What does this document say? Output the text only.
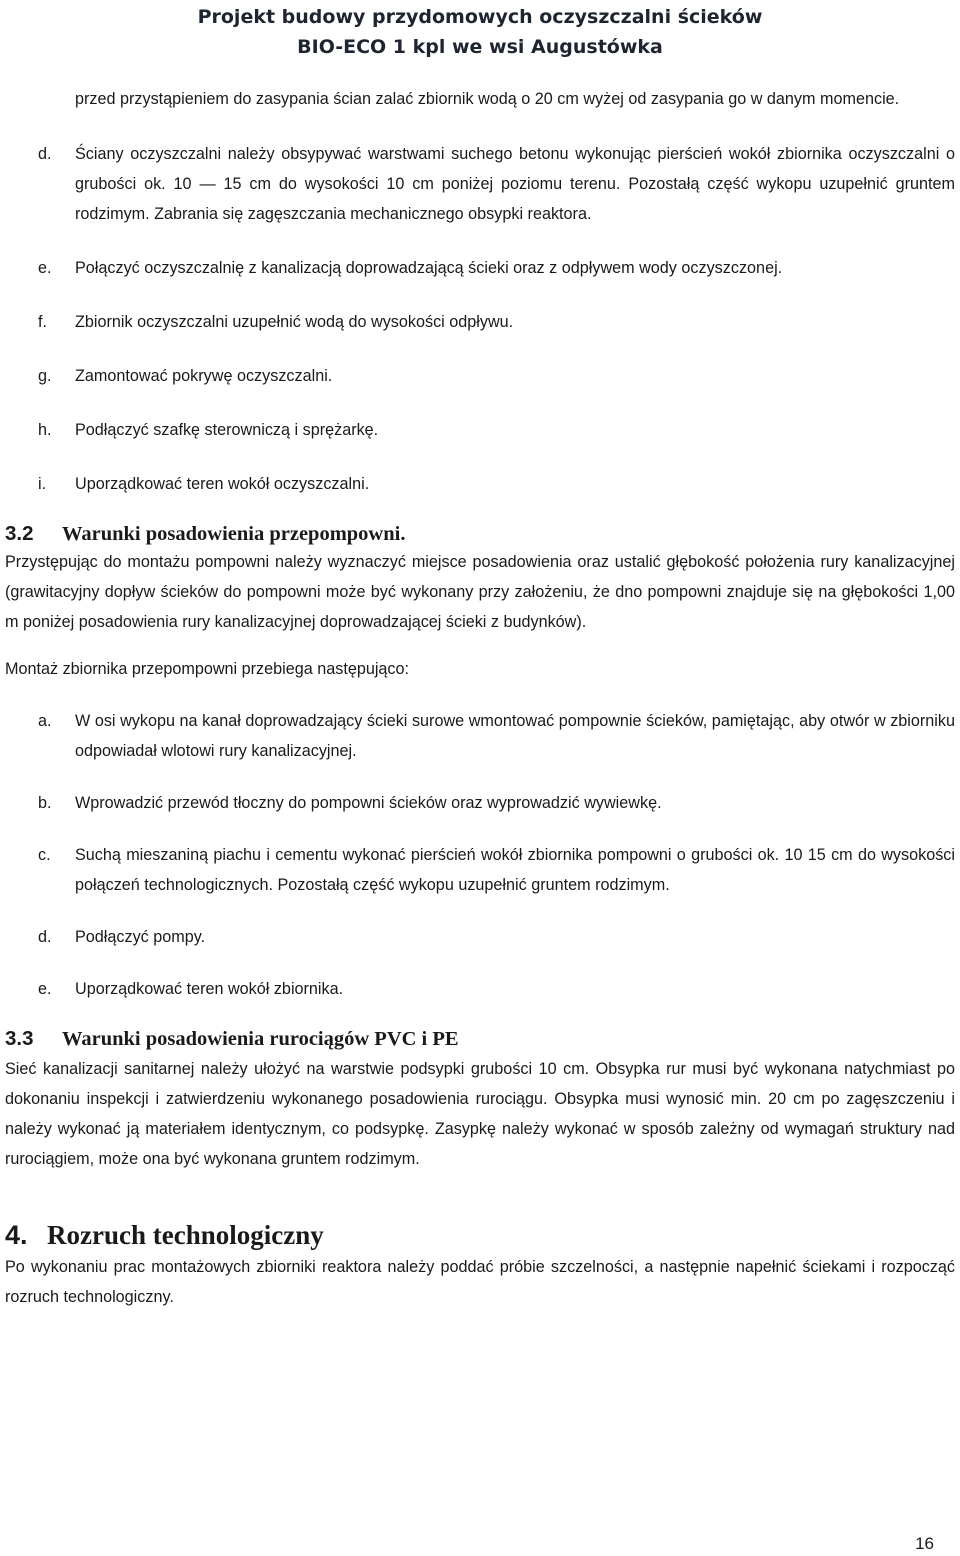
Projekt budowy przydomowych oczyszczalni ścieków
BIO-ECO 1 kpl we wsi Augustówka

przed przystąpieniem do zasypania ścian zalać zbiornik wodą o 20 cm wyżej od zasypania go w danym momencie.

d. Ściany oczyszczalni należy obsypywać warstwami suchego betonu wykonując pierścień wokół zbiornika oczyszczalni o grubości ok. 10 — 15 cm do wysokości 10 cm poniżej poziomu terenu. Pozostałą część wykopu uzupełnić gruntem rodzimym. Zabrania się zagęszczania mechanicznego obsypki reaktora.
e. Połączyć oczyszczalnię z kanalizacją doprowadzającą ścieki oraz z odpływem wody oczyszczonej.
f. Zbiornik oczyszczalni uzupełnić wodą do wysokości odpływu.
g. Zamontować pokrywę oczyszczalni.
h. Podłączyć szafkę sterowniczą i sprężarkę.
i. Uporządkować teren wokół oczyszczalni.
3.2 Warunki posadowienia przepompowni.

Przystępując do montażu pompowni należy wyznaczyć miejsce posadowienia oraz ustalić głębokość położenia rury kanalizacyjnej (grawitacyjny dopływ ścieków do pompowni może być wykonany przy założeniu, że dno pompowni znajduje się na głębokości 1,00 m poniżej posadowienia rury kanalizacyjnej doprowadzającej ścieki z budynków).

Montaż zbiornika przepompowni przebiega następująco:

a. W osi wykopu na kanał doprowadzający ścieki surowe wmontować pompownie ścieków, pamiętając, aby otwór w zbiorniku odpowiadał wlotowi rury kanalizacyjnej.
b. Wprowadzić przewód tłoczny do pompowni ścieków oraz wyprowadzić wywiewkę.
c. Suchą mieszaniną piachu i cementu wykonać pierścień wokół zbiornika pompowni o grubości ok. 10 15 cm do wysokości połączeń technologicznych. Pozostałą część wykopu uzupełnić gruntem rodzimym.
d. Podłączyć pompy.
e. Uporządkować teren wokół zbiornika.
3.3 Warunki posadowienia rurociągów PVC i PE

Sieć kanalizacji sanitarnej należy ułożyć na warstwie podsypki grubości 10 cm. Obsypka rur musi być wykonana natychmiast po dokonaniu inspekcji i zatwierdzeniu wykonanego posadowienia rurociągu. Obsypka musi wynosić min. 20 cm po zagęszczeniu i należy wykonać ją materiałem identycznym, co podsypkę. Zasypkę należy wykonać w sposób zależny od wymagań struktury nad rurociągiem, może ona być wykonana gruntem rodzimym.

4. Rozruch technologiczny

Po wykonaniu prac montażowych zbiorniki reaktora należy poddać próbie szczelności, a następnie napełnić ściekami i rozpocząć rozruch technologiczny.

16
